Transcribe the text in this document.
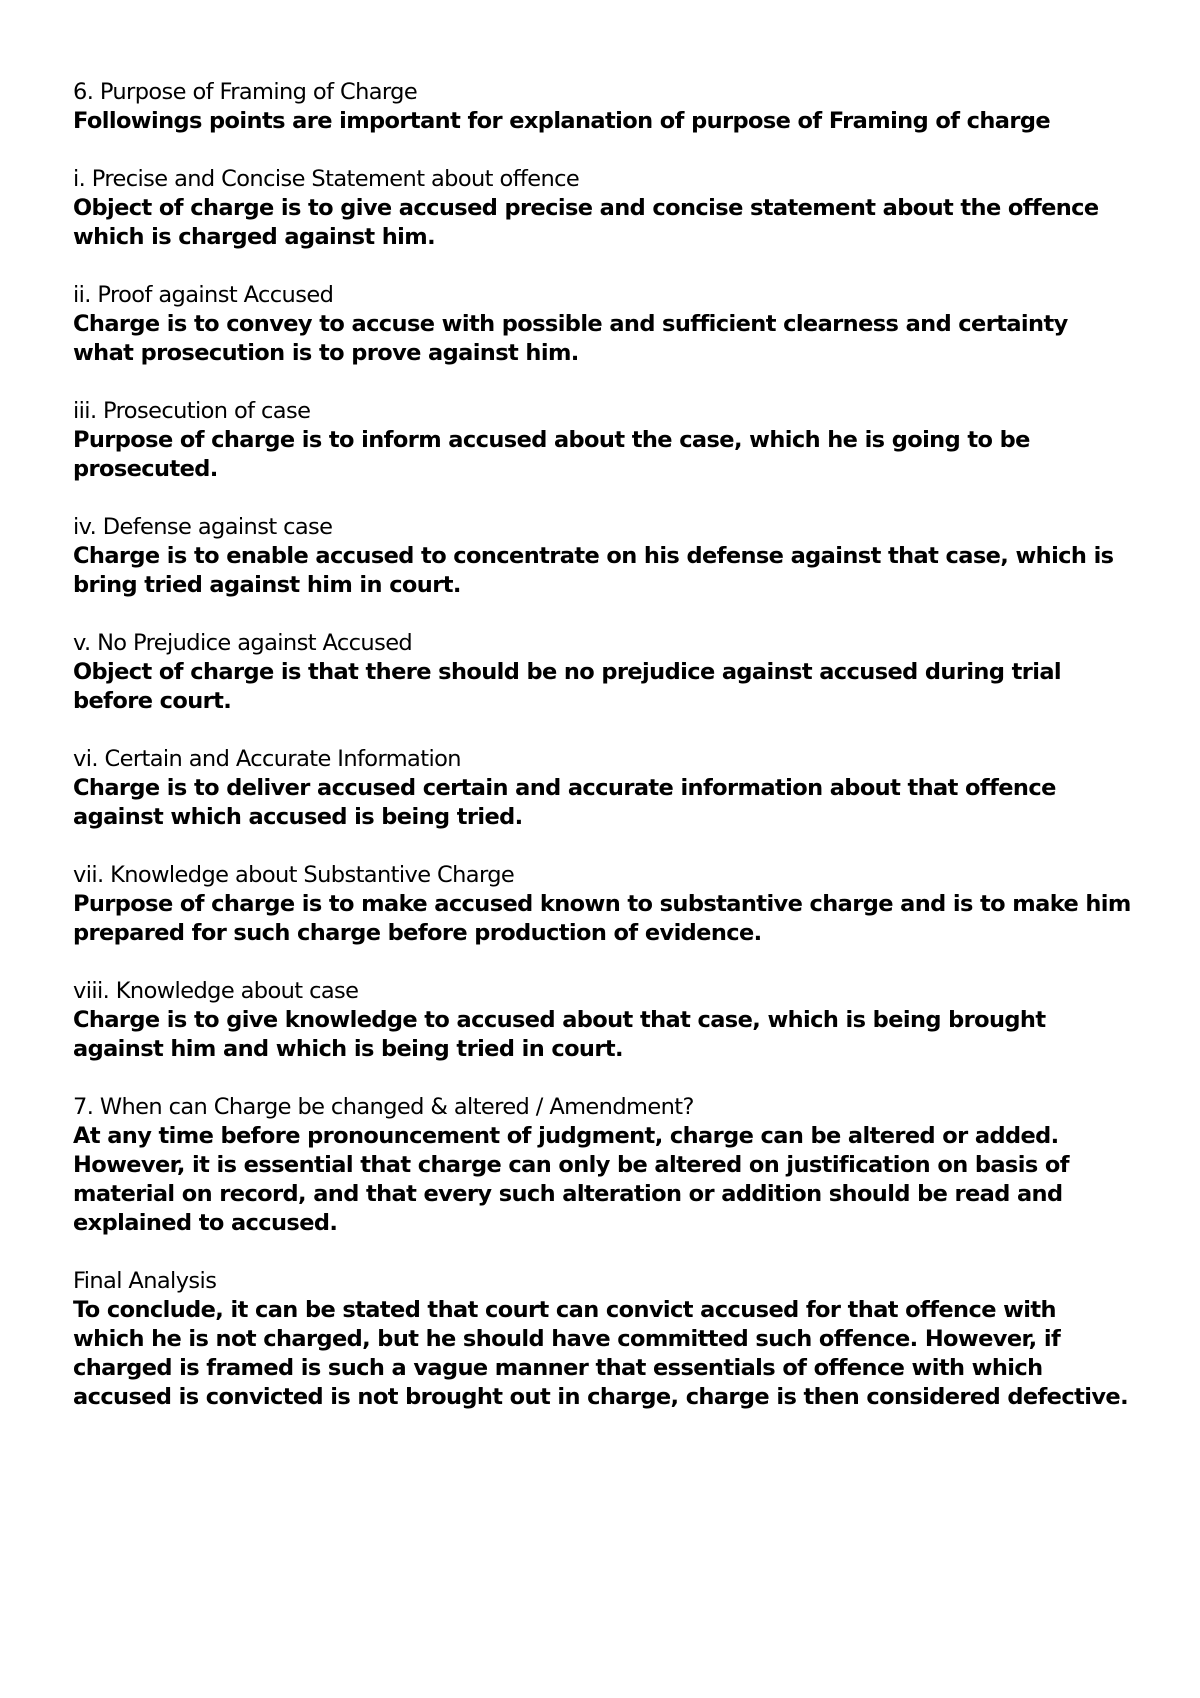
6. Purpose of Framing of Charge

Followings points are important for explanation of purpose of Framing of charge

i. Precise and Concise Statement about offence

Object of charge is to give accused precise and concise statement about the offence which is charged against him.

ii. Proof against Accused

Charge is to convey to accuse with possible and sufficient clearness and certainty what prosecution is to prove against him.

iii. Prosecution of case

Purpose of charge is to inform accused about the case, which he is going to be prosecuted.

iv. Defense against case

Charge is to enable accused to concentrate on his defense against that case, which is bring tried against him in court.

v. No Prejudice against Accused

Object of charge is that there should be no prejudice against accused during trial before court.

vi. Certain and Accurate Information

Charge is to deliver accused certain and accurate information about that offence against which accused is being tried.

vii. Knowledge about Substantive Charge

Purpose of charge is to make accused known to substantive charge and is to make him prepared for such charge before production of evidence.

viii. Knowledge about case

Charge is to give knowledge to accused about that case, which is being brought against him and which is being tried in court.

7. When can Charge be changed & altered / Amendment?

At any time before pronouncement of judgment, charge can be altered or added. However, it is essential that charge can only be altered on justification on basis of material on record, and that every such alteration or addition should be read and explained to accused.

Final Analysis

To conclude, it can be stated that court can convict accused for that offence with which he is not charged, but he should have committed such offence. However, if charged is framed is such a vague manner that essentials of offence with which accused is convicted is not brought out in charge, charge is then considered defective.
